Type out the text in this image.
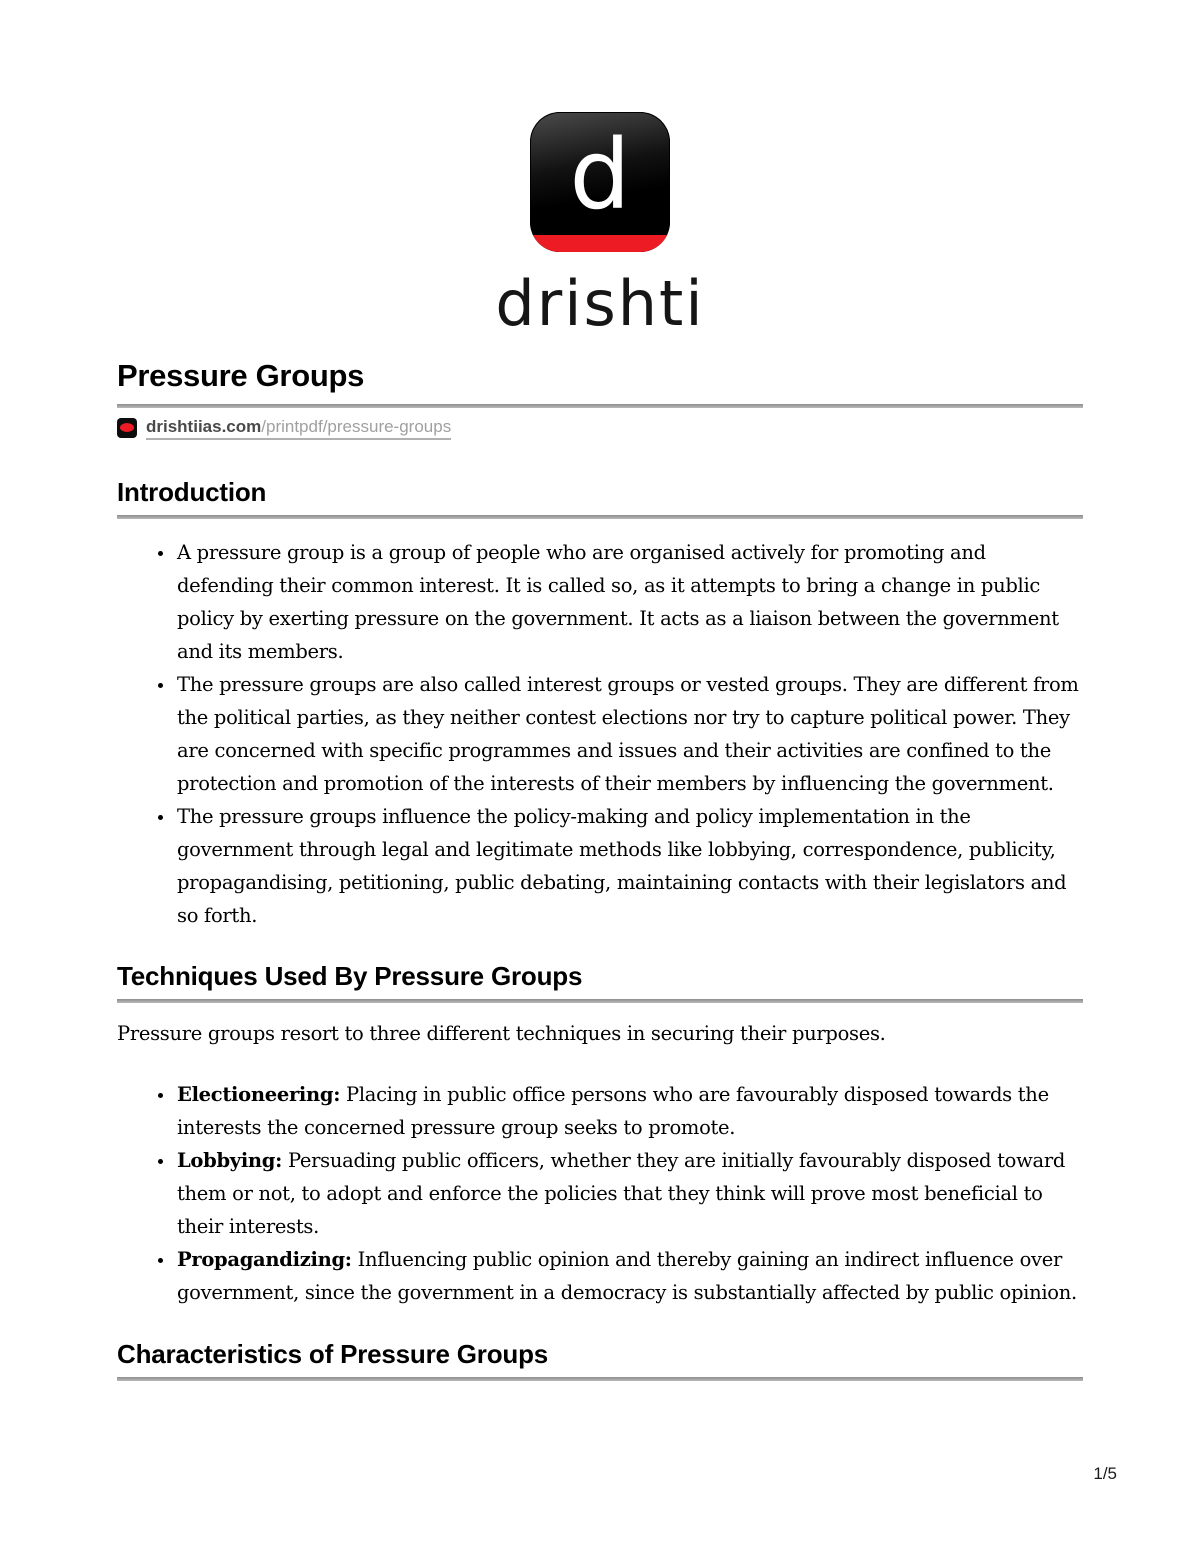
d
drishti
Pressure Groups
drishtiias.com/printpdf/pressure-groups
Introduction
• A pressure group is a group of people who are organised actively for promoting and defending their common interest. It is called so, as it attempts to bring a change in public policy by exerting pressure on the government. It acts as a liaison between the government and its members.
• The pressure groups are also called interest groups or vested groups. They are different from the political parties, as they neither contest elections nor try to capture political power. They are concerned with specific programmes and issues and their activities are confined to the protection and promotion of the interests of their members by influencing the government.
• The pressure groups influence the policy-making and policy implementation in the government through legal and legitimate methods like lobbying, correspondence, publicity, propagandising, petitioning, public debating, maintaining contacts with their legislators and so forth.
Techniques Used By Pressure Groups

Pressure groups resort to three different techniques in securing their purposes.

• Electioneering: Placing in public office persons who are favourably disposed towards the interests the concerned pressure group seeks to promote.
• Lobbying: Persuading public officers, whether they are initially favourably disposed toward them or not, to adopt and enforce the policies that they think will prove most beneficial to their interests.
• Propagandizing: Influencing public opinion and thereby gaining an indirect influence over government, since the government in a democracy is substantially affected by public opinion.
Characteristics of Pressure Groups
1/5
